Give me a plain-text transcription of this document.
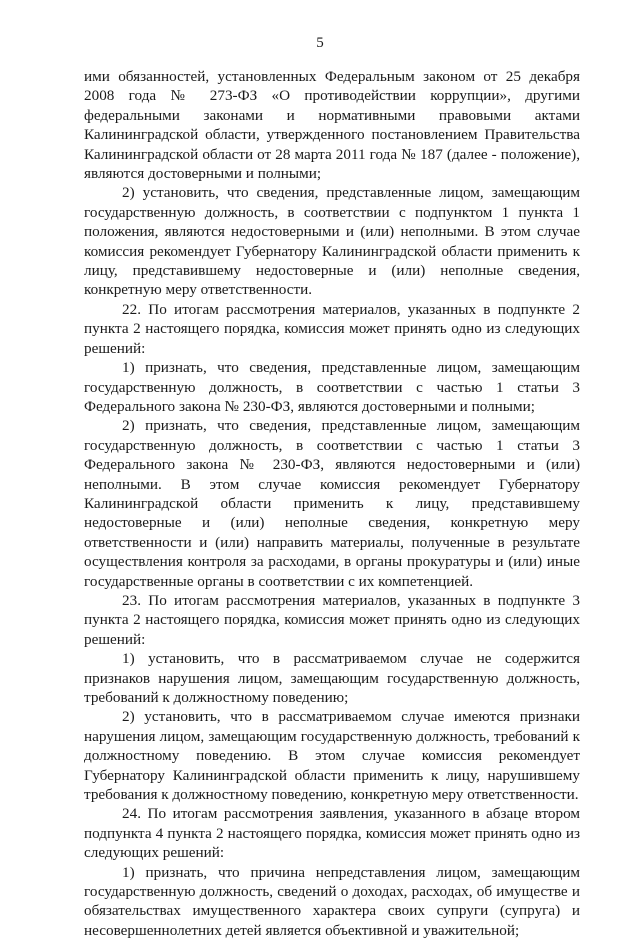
5

ими обязанностей, установленных Федеральным законом от 25 декабря 2008 года № 273-ФЗ «О противодействии коррупции», другими федеральными законами и нормативными правовыми актами Калининградской области, утвержденного постановлением Правительства Калининградской области от 28 марта 2011 года № 187 (далее - положение), являются достоверными и полными;

2) установить, что сведения, представленные лицом, замещающим государственную должность, в соответствии с подпунктом 1 пункта 1 положения, являются недостоверными и (или) неполными. В этом случае комиссия рекомендует Губернатору Калининградской области применить к лицу, представившему недостоверные и (или) неполные сведения, конкретную меру ответственности.

22. По итогам рассмотрения материалов, указанных в подпункте 2 пункта 2 настоящего порядка, комиссия может принять одно из следующих решений:

1) признать, что сведения, представленные лицом, замещающим государственную должность, в соответствии с частью 1 статьи 3 Федерального закона № 230-ФЗ, являются достоверными и полными;

2) признать, что сведения, представленные лицом, замещающим государственную должность, в соответствии с частью 1 статьи 3 Федерального закона № 230-ФЗ, являются недостоверными и (или) неполными. В этом случае комиссия рекомендует Губернатору Калининградской области применить к лицу, представившему недостоверные и (или) неполные сведения, конкретную меру ответственности и (или) направить материалы, полученные в результате осуществления контроля за расходами, в органы прокуратуры и (или) иные государственные органы в соответствии с их компетенцией.

23. По итогам рассмотрения материалов, указанных в подпункте 3 пункта 2 настоящего порядка, комиссия может принять одно из следующих решений:

1) установить, что в рассматриваемом случае не содержится признаков нарушения лицом, замещающим государственную должность, требований к должностному поведению;

2) установить, что в рассматриваемом случае имеются признаки нарушения лицом, замещающим государственную должность, требований к должностному поведению. В этом случае комиссия рекомендует Губернатору Калининградской области применить к лицу, нарушившему требования к должностному поведению, конкретную меру ответственности.

24. По итогам рассмотрения заявления, указанного в абзаце втором подпункта 4 пункта 2 настоящего порядка, комиссия может принять одно из следующих решений:

1) признать, что причина непредставления лицом, замещающим государственную должность, сведений о доходах, расходах, об имуществе и обязательствах имущественного характера своих супруги (супруга) и несовершеннолетних детей является объективной и уважительной;
